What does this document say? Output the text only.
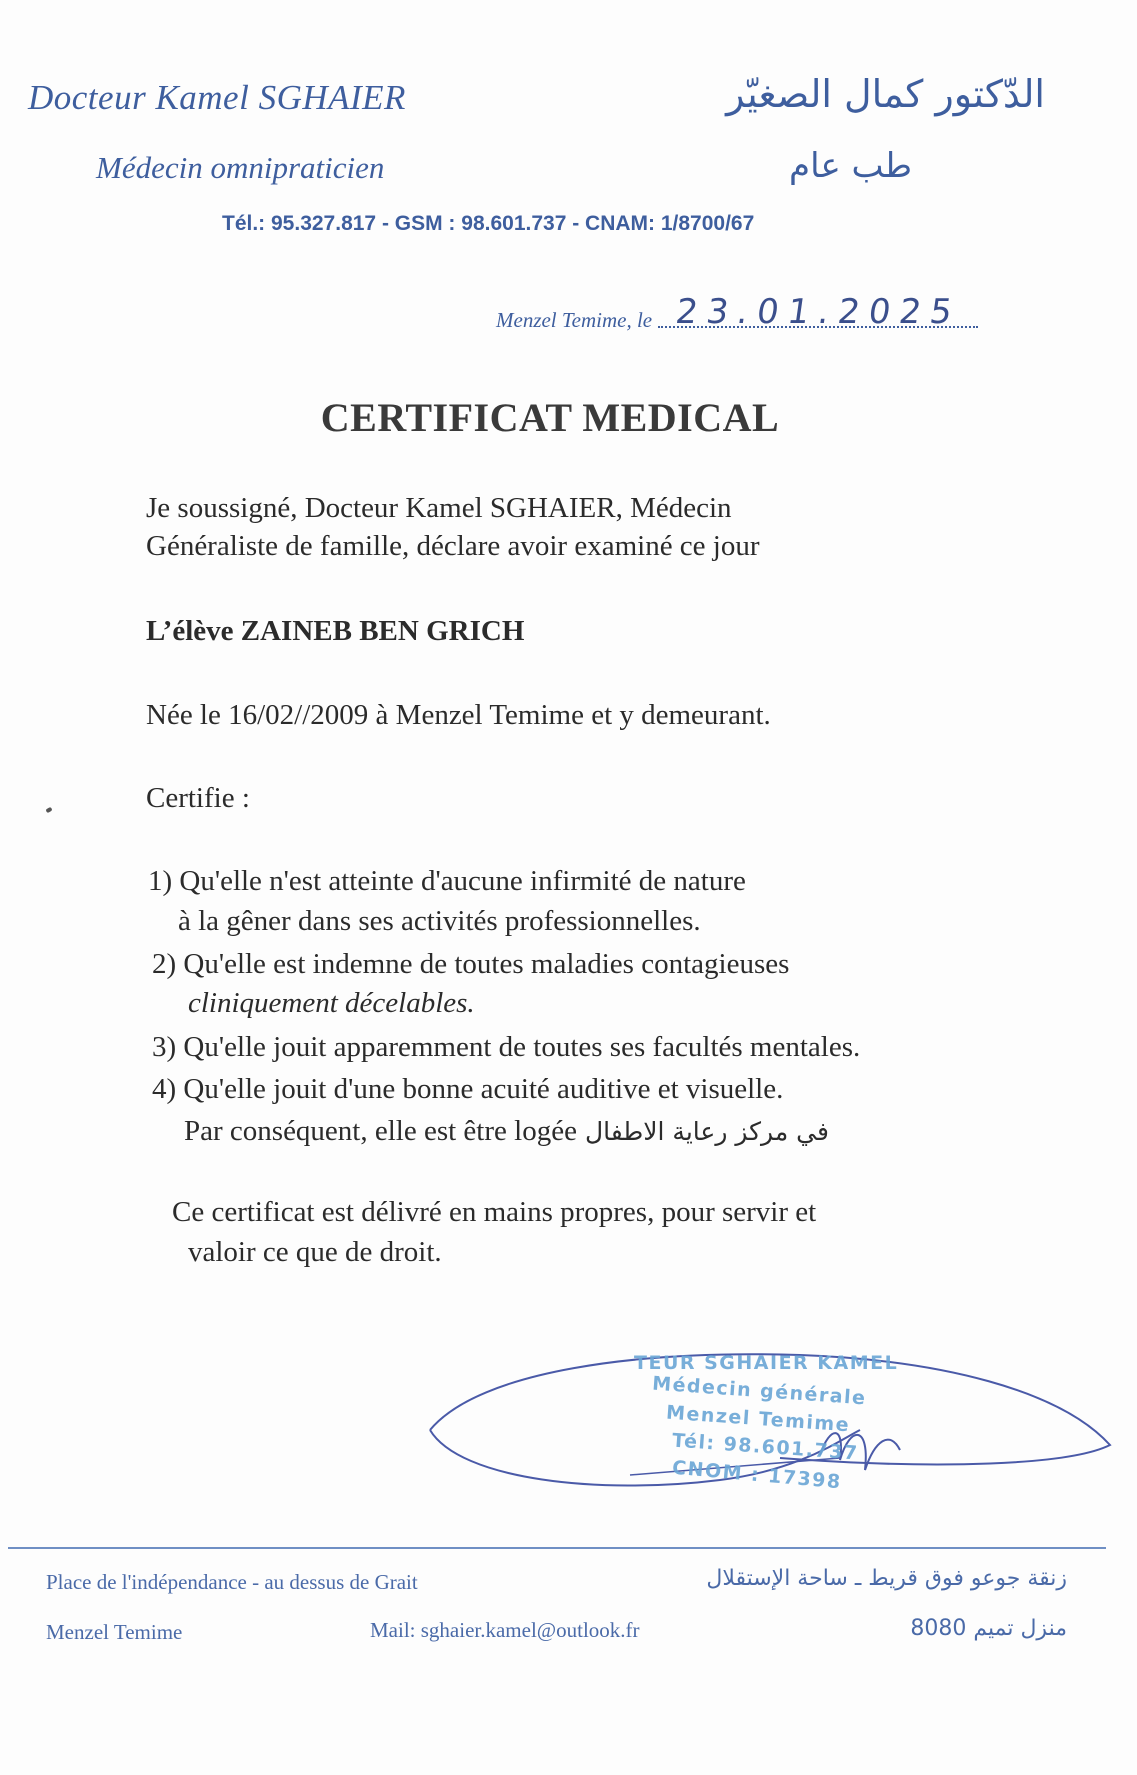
Docteur Kamel SGHAIER
Médecin omnipraticien
الدّكتور كمال الصغيّر
طب عام
Tél.: 95.327.817 - GSM : 98.601.737 - CNAM: 1/8700/67
Menzel Temime, le 23.01.2025
CERTIFICAT MEDICAL
Je soussigné, Docteur Kamel SGHAIER, Médecin
Généraliste de famille, déclare avoir examiné ce jour
L’élève ZAINEB BEN GRICH
Née le 16/02//2009 à Menzel Temime et y demeurant.
Certifie :
1) Qu'elle n'est atteinte d'aucune infirmité de nature
à la gêner dans ses activités professionnelles.
2) Qu'elle est indemne de toutes maladies contagieuses
cliniquement décelables.
3) Qu'elle jouit apparemment de toutes ses facultés mentales.
4) Qu'elle jouit d'une bonne acuité auditive et visuelle.
Par conséquent, elle est être logée في مركز رعاية الاطفال
Ce certificat est délivré en mains propres, pour servir et
valoir ce que de droit.
TEUR SGHAIER KAMEL
Médecin générale
Menzel Temime
Tél: 98.601.737
CNOM : 17398
Place de l'indépendance - au dessus de Grait
Menzel Temime	Mail: sghaier.kamel@outlook.fr
زنقة جوعو فوق قريط ـ ساحة الإستقلال
منزل تميم 8080
